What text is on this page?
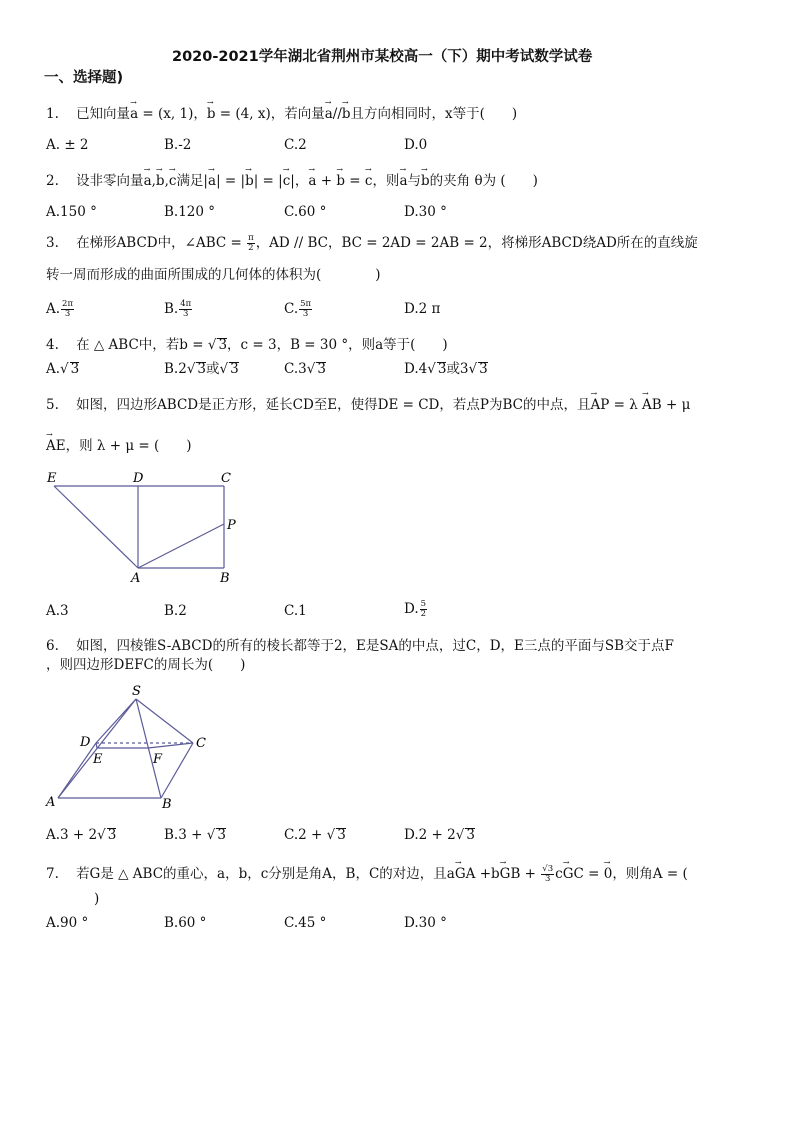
2020-2021学年湖北省荆州市某校高一（下）期中考试数学试卷
一、选择题)
1. 已知向量→ a = (x, 1)，→ b = (4, x)，若向量→ a//→ b且方向相同时，x等于(　　)
A. ± 2	B.-2	C.2	D.0
2. 设非零向量→ a,→ b,→ c满足|→ a| = |→ b| = |→ c|，→ a + → b = → c，则→ a与→ b的夹角 θ为 (　　)
A.150 °	B.120 °	C.60 °	D.30 °
3. 在梯形ABCD中，∠ABC = $\frac{\pi}{2}$ ，AD // BC，BC = 2AD = 2AB = 2，将梯形ABCD绕AD所在的直线旋
转一周而形成的曲面所围成的几何体的体积为(　　　　)
A. $\frac{2\pi}{3}$	B. $\frac{4\pi}{3}$	C. $\frac{5\pi}{3}$	D.2 π
4. 在 △ ABC中，若b = √ 3，c = 3，B = 30 °，则a等于(　　)
A.√ 3	B.2√ 3或√ 3	C.3√ 3	D.4√ 3或3√ 3
5. 如图，四边形ABCD是正方形，延长CD至E，使得DE = CD，若点P为BC的中点，且→ AP = λ → AB + μ
→ AE，则 λ + μ = (　　)
E	D	C
P
A	B
A.3	B.2	C.1	D. $\frac{5}{2}$
6. 如图，四棱锥S-ABCD的所有的棱长都等于2，E是SA的中点，过C，D，E三点的平面与SB交于点F
，则四边形DEFC的周长为(　　)
S
D	C
E	F
A	B
A.3 + 2√ 3	B.3 + √ 3	C.2 + √ 3	D.2 + 2√ 3
7. 若G是 △ ABC的重心，a，b，c分别是角A，B，C的对边，且a→ GA +b→ GB + $\frac{√3}{3} c\to$ GC = → 0，则角A = (
)
A.90 °	B.60 °	C.45 °	D.30 °
